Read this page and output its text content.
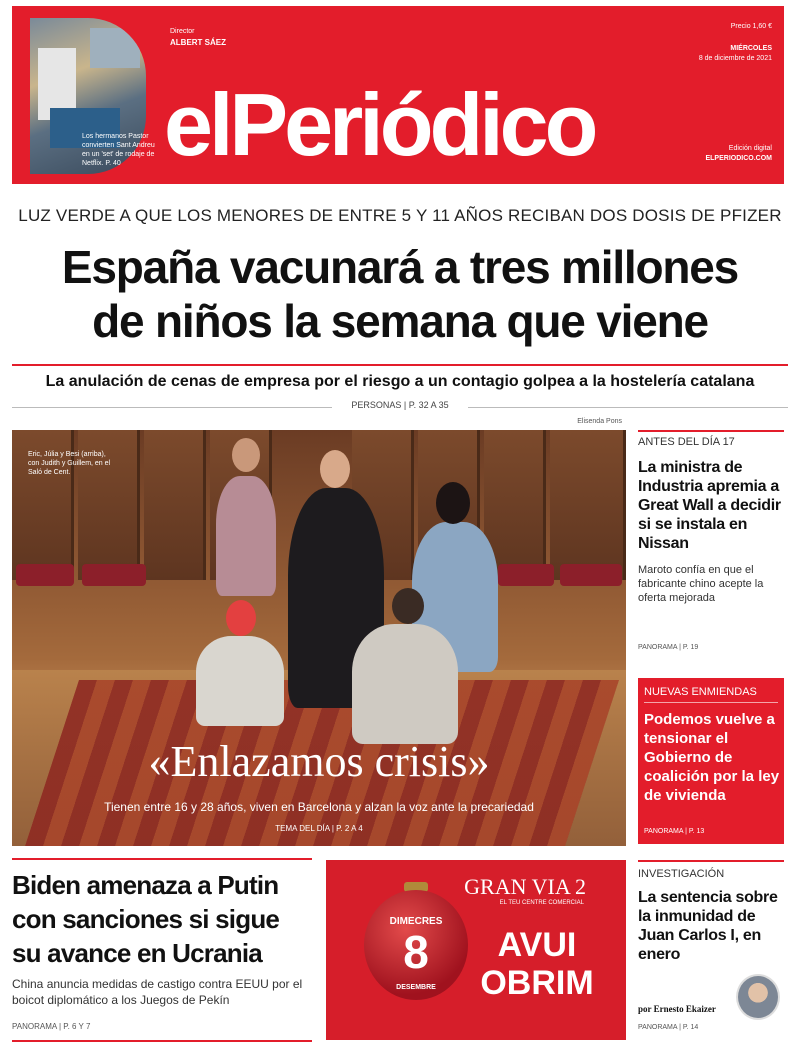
Los hermanos Pastor convierten Sant Andreu en un 'set' de rodaje de Netflix. P. 40
Director
ALBERT SÁEZ
elPeriódico
Precio 1,60 €
MIÉRCOLES
8 de diciembre de 2021
Edición digital
ELPERIODICO.COM
LUZ VERDE A QUE LOS MENORES DE ENTRE 5 Y 11 AÑOS RECIBAN DOS DOSIS DE PFIZER
España vacunará a tres millones
de niños la semana que viene
La anulación de cenas de empresa por el riesgo a un contagio golpea a la hostelería catalana
PERSONAS | P. 32 A 35
Elisenda Pons
Eric, Júlia y Besi (arriba), con Judith y Guillem, en el Saló de Cent.
«Enlazamos crisis»
Tienen entre 16 y 28 años, viven en Barcelona y alzan la voz ante la precariedad
TEMA DEL DÍA | P. 2 A 4
ANTES DEL DÍA 17
La ministra de Industria apremia a Great Wall a decidir si se instala en Nissan
Maroto confía en que el fabricante chino acepte la oferta mejorada
PANORAMA | P. 19
NUEVAS ENMIENDAS
Podemos vuelve a tensionar el Gobierno de coalición por la ley de vivienda
PANORAMA | P. 13
Biden amenaza a Putin con sanciones si sigue su avance en Ucrania
China anuncia medidas de castigo contra EEUU por el boicot diplomático a los Juegos de Pekín
PANORAMA | P. 6 Y 7
GRAN VIA 2
EL TEU CENTRE COMERCIAL
DIMECRES
8
DESEMBRE
AVUI
OBRIM
INVESTIGACIÓN
La sentencia sobre la inmunidad de Juan Carlos I, en enero
por Ernesto Ekaizer
PANORAMA | P. 14
